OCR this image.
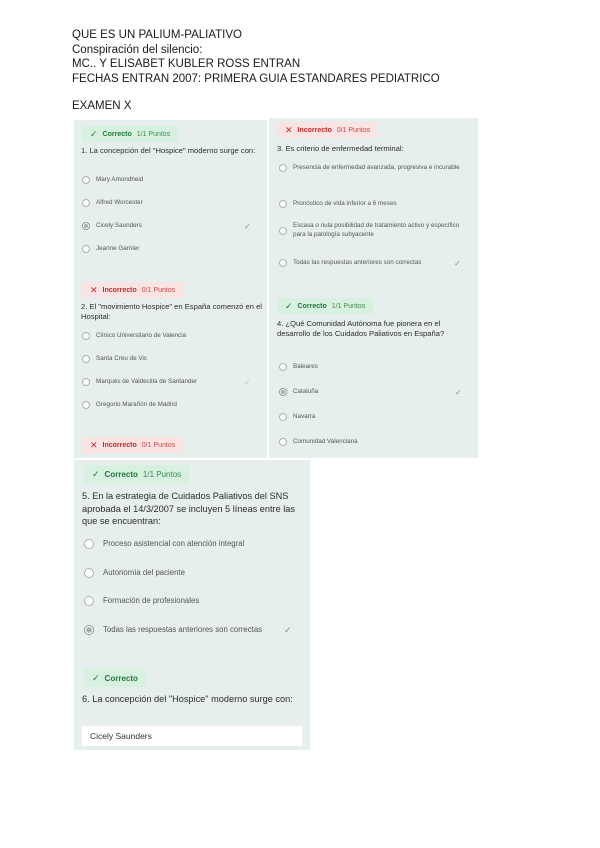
QUE ES UN PALIUM-PALIATIVO
Conspiración del silencio:
MC.. Y ELISABET KUBLER ROSS ENTRAN
FECHAS ENTRAN 2007: PRIMERA GUIA ESTANDARES PEDIATRICO
EXAMEN X
✓ Correcto 1/1 Puntos
1. La concepción del "Hospice" moderno surge con:
Mary Amondheid
Alfred Worcester
Cicely Saunders	✓
Jeanne Garnier
✕ Incorrecto 0/1 Puntos
2. El "movimiento Hospice" en España comenzó en el Hospital:
Clínico Universitario de Valencia
Santa Creu de Vic
Marqués de Valdecilla de Santander	✓
Gregorio Marañón de Madrid
✕ Incorrecto 0/1 Puntos
✕ Incorrecto 0/1 Puntos
3. Es criterio de enfermedad terminal:
Presencia de enfermedad avanzada, progresiva e incurable
Pronóstico de vida inferior a 6 meses
Escasa o nula posibilidad de tratamiento activo y específico para la patología subyacente
Todas las respuestas anteriores son correctas	✓
✓ Correcto 1/1 Puntos
4. ¿Qué Comunidad Autónoma fue pionera en el desarrollo de los Cuidados Paliativos en España?
Baleares
Cataluña	✓
Navarra
Comunidad Valenciana
✓ Correcto 1/1 Puntos
5. En la estrategia de Cuidados Paliativos del SNS aprobada el 14/3/2007 se incluyen 5 líneas entre las que se encuentran:
Proceso asistencial con atención integral
Autonomía del paciente
Formación de profesionales
Todas las respuestas anteriores son correctas ✓
✓ Correcto
6. La concepción del "Hospice" moderno surge con:
Cicely Saunders
